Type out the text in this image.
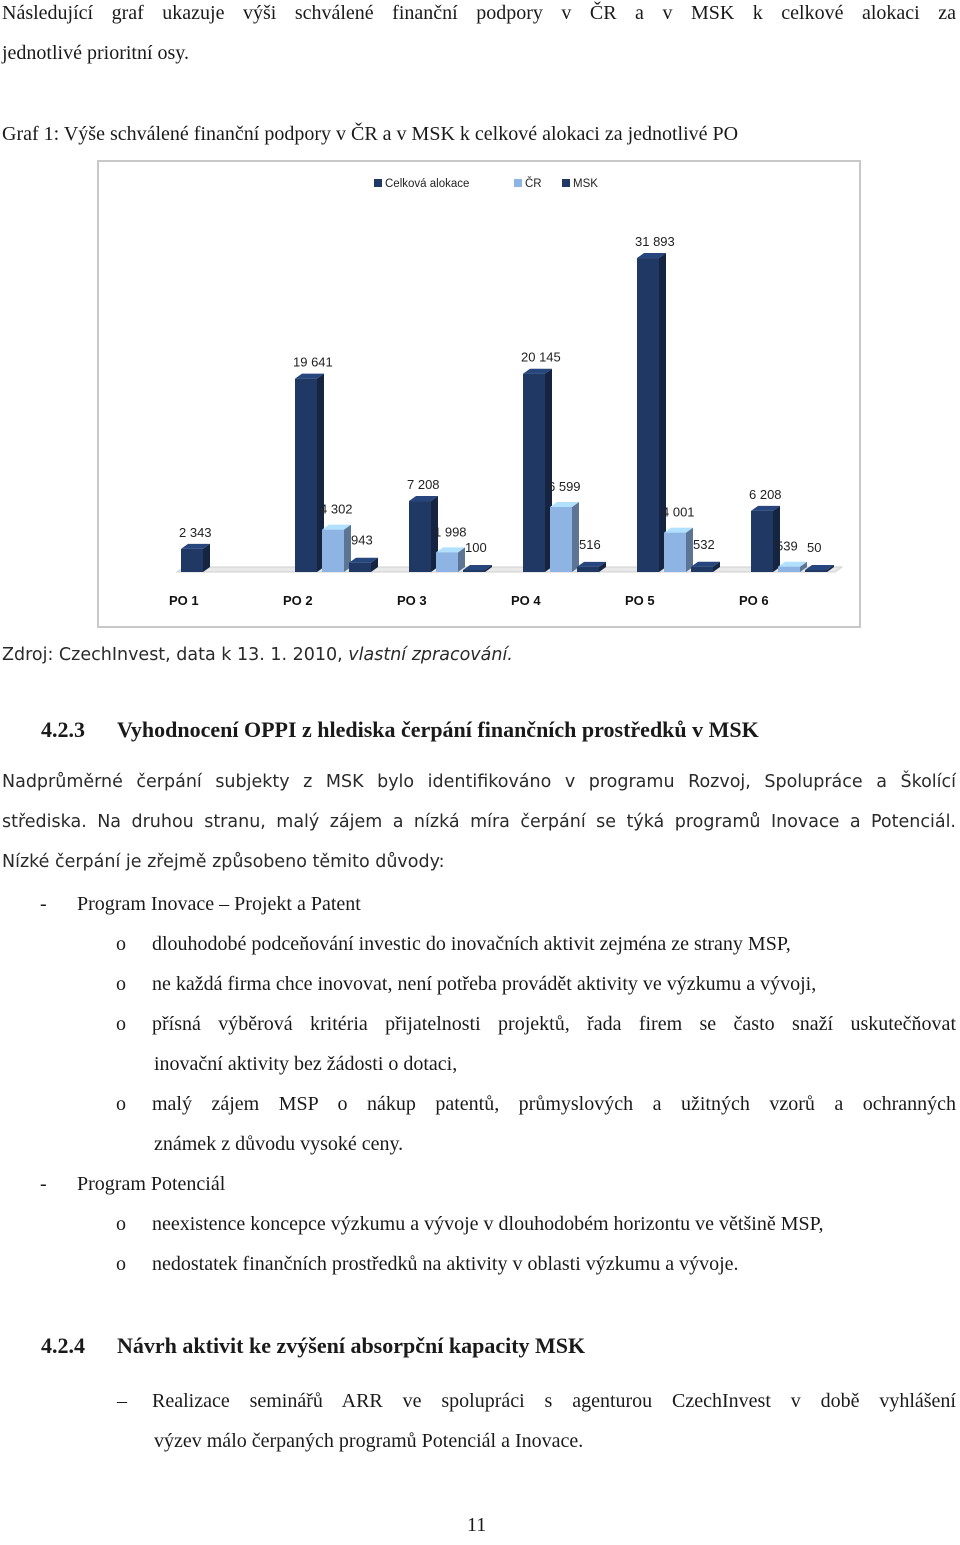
Následující graf ukazuje výši schválené finanční podpory v ČR a v MSK k celkové alokaci za
jednotlivé prioritní osy.
Graf 1: Výše schválené finanční podpory v ČR a v MSK k celkové alokaci za jednotlivé PO
Celková alokace	ČR	MSK
2 343
PO 1
19 641
4 302
943
PO 2
7 208
1 998
100
PO 3
20 145
6 599
516
PO 4
31 893
4 001
532
PO 5
6 208
539 50
PO 6
Zdroj: CzechInvest, data k 13. 1. 2010, vlastní zpracování.
4.2.3 Vyhodnocení OPPI z hlediska čerpání finančních prostředků v MSK
Nadprůměrné čerpání subjekty z MSK bylo identifikováno v programu Rozvoj, Spolupráce a Školící
střediska. Na druhou stranu, malý zájem a nízká míra čerpání se týká programů Inovace a Potenciál.
Nízké čerpání je zřejmě způsobeno těmito důvody:
- Program Inovace – Projekt a Patent
o dlouhodobé podceňování investic do inovačních aktivit zejména ze strany MSP,
o ne každá firma chce inovovat, není potřeba provádět aktivity ve výzkumu a vývoji,
o přísná výběrová kritéria přijatelnosti projektů, řada firem se často snaží uskutečňovat
inovační aktivity bez žádosti o dotaci,
o malý zájem MSP o nákup patentů, průmyslových a užitných vzorů a ochranných
známek z důvodu vysoké ceny.
- Program Potenciál
o neexistence koncepce výzkumu a vývoje v dlouhodobém horizontu ve většině MSP,
o nedostatek finančních prostředků na aktivity v oblasti výzkumu a vývoje.
4.2.4 Návrh aktivit ke zvýšení absorpční kapacity MSK
– Realizace seminářů ARR ve spolupráci s agenturou CzechInvest v době vyhlášení
výzev málo čerpaných programů Potenciál a Inovace.
11
